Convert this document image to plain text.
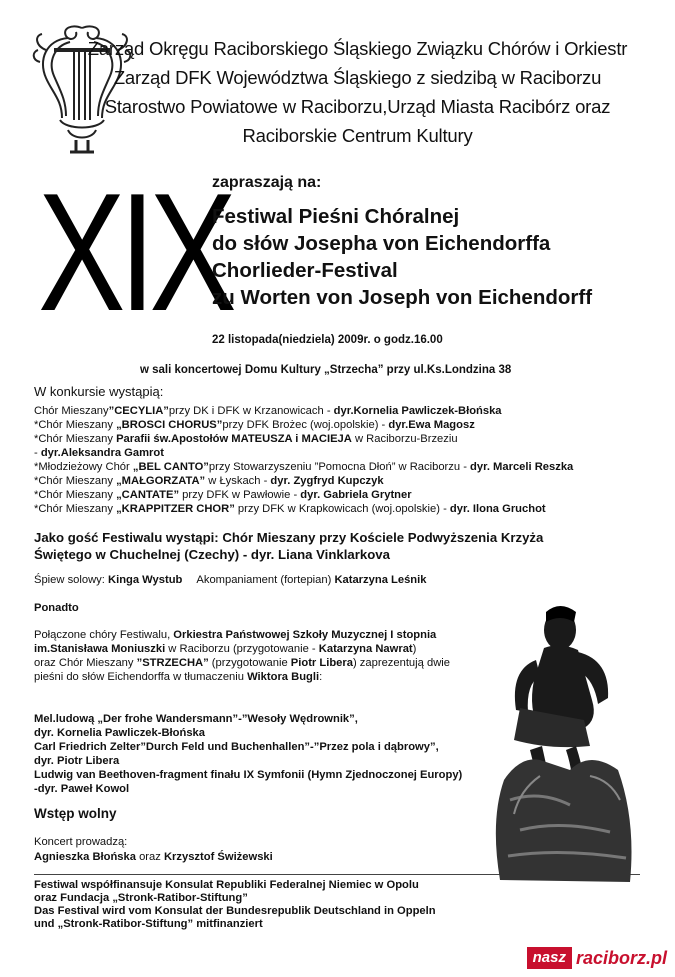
Zarząd Okręgu Raciborskiego Śląskiego Związku Chórów i Orkiestr
Zarząd DFK Województwa Śląskiego z siedzibą w Raciborzu
Starostwo Powiatowe w Raciborzu,Urząd Miasta Racibórz oraz
Raciborskie Centrum Kultury
XIX
zapraszają na:
Festiwal Pieśni Chóralnej
do słów Josepha von Eichendorffa
Chorlieder-Festival
zu Worten von Joseph von Eichendorff
22 listopada(niedziela) 2009r. o godz.16.00
w sali koncertowej Domu Kultury „Strzecha” przy ul.Ks.Londzina 38
W konkursie wystąpią:
Chór Mieszany”CECYLIA”przy DK i DFK w Krzanowicach - dyr.Kornelia Pawliczek-Błońska
*Chór Mieszany „BROSCI CHORUS”przy DFK Brożec (woj.opolskie) - dyr.Ewa Magosz
*Chór Mieszany Parafii św.Apostołów MATEUSZA i MACIEJA w Raciborzu-Brzeziu
- dyr.Aleksandra Gamrot
*Młodzieżowy Chór „BEL CANTO”przy Stowarzyszeniu ”Pomocna Dłoń” w Raciborzu - dyr. Marceli Reszka
*Chór Mieszany „MAŁGORZATA” w Łyskach - dyr. Zygfryd Kupczyk
*Chór Mieszany „CANTATE” przy DFK w Pawłowie - dyr. Gabriela Grytner
*Chór Mieszany „KRAPPITZER CHOR” przy DFK w Krapkowicach (woj.opolskie) - dyr. Ilona Gruchot
Jako gość Festiwalu wystąpi: Chór Mieszany przy Kościele Podwyższenia Krzyża
Świętego w Chuchelnej (Czechy) - dyr. Liana Vinklarkova
Śpiew solowy: Kinga Wystub Akompaniament (fortepian) Katarzyna Leśnik
Ponadto
Połączone chóry Festiwalu, Orkiestra Państwowej Szkoły Muzycznej I stopnia
im.Stanisława Moniuszki w Raciborzu (przygotowanie - Katarzyna Nawrat)
oraz Chór Mieszany ”STRZECHA” (przygotowanie Piotr Libera) zaprezentują dwie
pieśni do słów Eichendorffa w tłumaczeniu Wiktora Bugli:
Mel.ludową „Der frohe Wandersmann”-”Wesoły Wędrownik”,
dyr. Kornelia Pawliczek-Błońska
Carl Friedrich Zelter”Durch Feld und Buchenhallen”-”Przez pola i dąbrowy”,
dyr. Piotr Libera
Ludwig van Beethoven-fragment finału IX Symfonii (Hymn Zjednoczonej Europy)
-dyr. Paweł Kowol
Wstęp wolny
Koncert prowadzą:
Agnieszka Błońska oraz Krzysztof Świżewski
Festiwal współfinansuje Konsulat Republiki Federalnej Niemiec w Opolu
oraz Fundacja „Stronk-Ratibor-Stiftung”
Das Festival wird vom Konsulat der Bundesrepublik Deutschland in Oppeln
und „Stronk-Ratibor-Stiftung” mitfinanziert
nasz raciborz.pl
